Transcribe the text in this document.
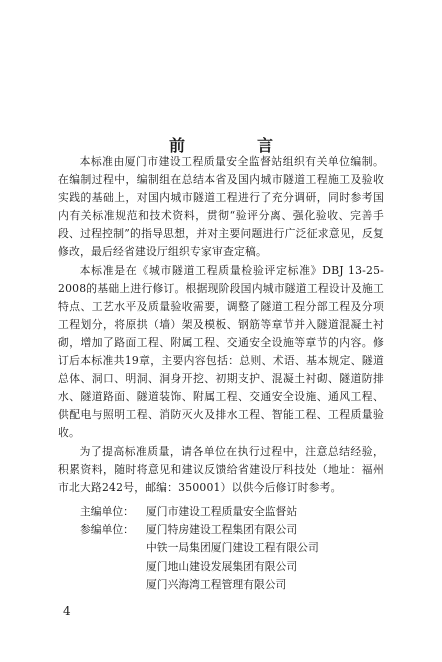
前　言

本标准由厦门市建设工程质量安全监督站组织有关单位编制。在编制过程中，编制组在总结本省及国内城市隧道工程施工及验收实践的基础上，对国内城市隧道工程进行了充分调研，同时参考国内有关标准规范和技术资料，贯彻“验评分离、强化验收、完善手段、过程控制”的指导思想，并对主要问题进行广泛征求意见，反复修改，最后经省建设厅组织专家审查定稿。

本标准是在《城市隧道工程质量检验评定标准》DBJ 13-25-2008的基础上进行修订。根据现阶段国内城市隧道工程设计及施工特点、工艺水平及质量验收需要，调整了隧道工程分部工程及分项工程划分，将原拱（墙）架及模板、钢筋等章节并入隧道混凝土衬砌，增加了路面工程、附属工程、交通安全设施等章节的内容。修订后本标准共19章，主要内容包括：总则、术语、基本规定、隧道总体、洞口、明洞、洞身开挖、初期支护、混凝土衬砌、隧道防排水、隧道路面、隧道装饰、附属工程、交通安全设施、通风工程、供配电与照明工程、消防灭火及排水工程、智能工程、工程质量验收。

为了提高标准质量，请各单位在执行过程中，注意总结经验，积累资料，随时将意见和建议反馈给省建设厅科技处（地址：福州市北大路242号，邮编：350001）以供今后修订时参考。

主编单位：	厦门市建设工程质量安全监督站
参编单位：	厦门特房建设工程集团有限公司
中铁一局集团厦门建设工程有限公司
厦门地山建设发展集团有限公司
厦门兴海湾工程管理有限公司
4
